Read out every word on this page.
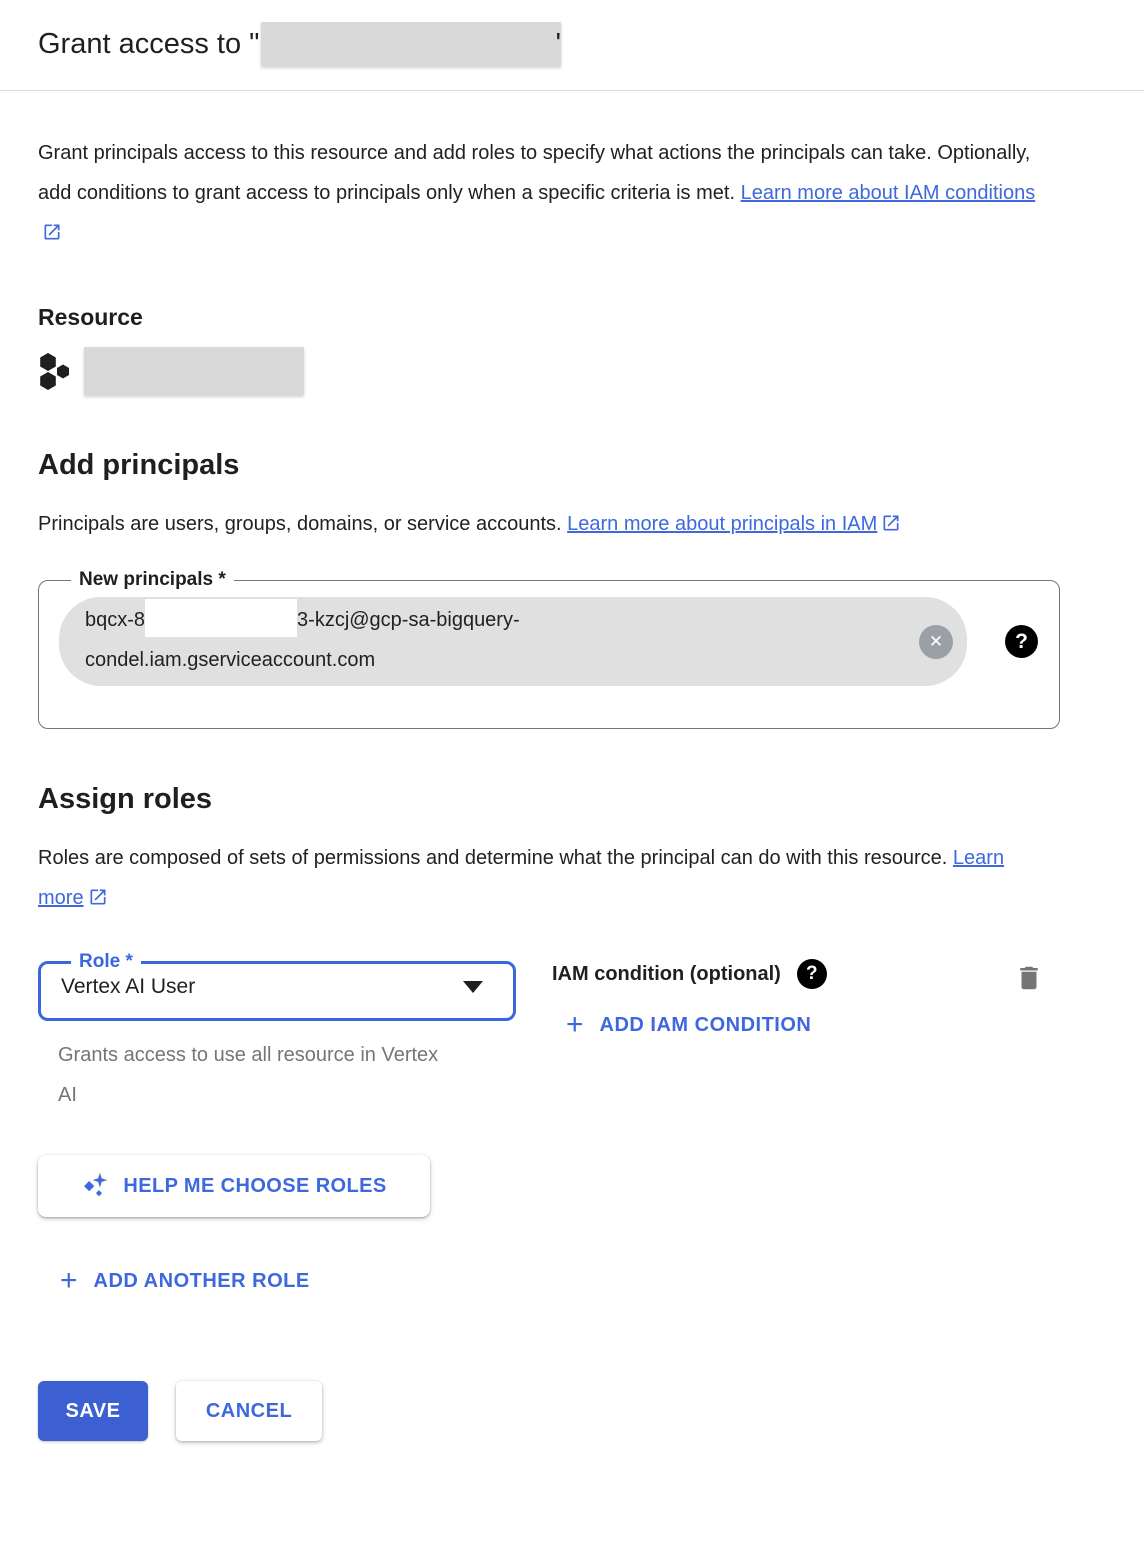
Grant access to "	'

Grant principals access to this resource and add roles to specify what actions the principals can take. Optionally, add conditions to grant access to principals only when a specific criteria is met. Learn more about IAM conditions

Resource
Add principals

Principals are users, groups, domains, or service accounts. Learn more about principals in IAM

New principals *
bqcx-8	3-kzcj@gcp-sa-bigquery-
condel.iam.gserviceaccount.com
✕	?
Assign roles

Roles are composed of sets of permissions and determine what the principal can do with this resource. Learn more

Role *
Vertex AI User
Grants access to use all resource in Vertex AI
IAM condition (optional)	?
+ ADD IAM CONDITION
HELP ME CHOOSE ROLES
+ ADD ANOTHER ROLE
SAVE	CANCEL
